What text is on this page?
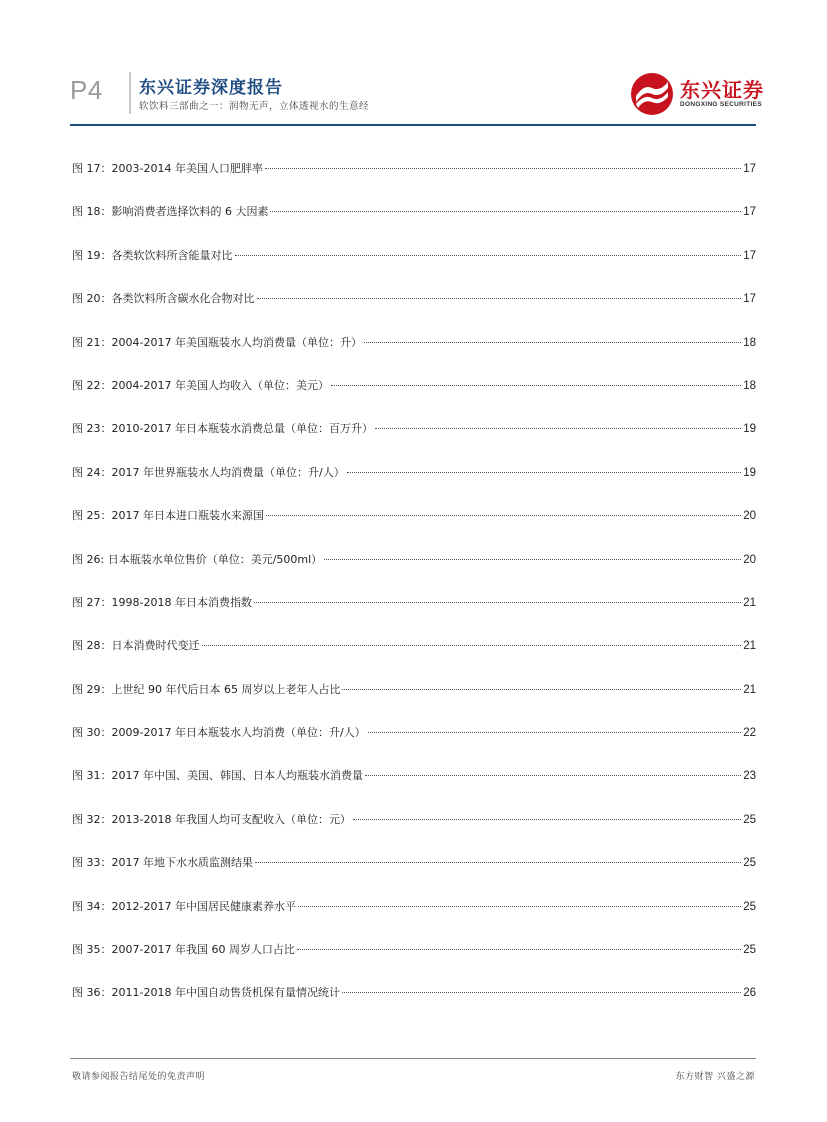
P4 东兴证券深度报告
软饮料三部曲之一：润物无声，立体透视水的生意经
东兴证券
DONGXING SECURITIES
图 17：2003-2014 年美国人口肥胖率	17
图 18：影响消费者选择饮料的 6 大因素	17
图 19：各类软饮料所含能量对比	17
图 20：各类饮料所含碳水化合物对比	17
图 21：2004-2017 年美国瓶装水人均消费量（单位：升）	18
图 22：2004-2017 年美国人均收入（单位：美元）	18
图 23：2010-2017 年日本瓶装水消费总量（单位：百万升）	19
图 24：2017 年世界瓶装水人均消费量（单位：升/人）	19
图 25：2017 年日本进口瓶装水来源国	20
图 26: 日本瓶装水单位售价（单位：美元/500ml）	20
图 27：1998-2018 年日本消费指数	21
图 28：日本消费时代变迁	21
图 29：上世纪 90 年代后日本 65 周岁以上老年人占比	21
图 30：2009-2017 年日本瓶装水人均消费（单位：升/人）	22
图 31：2017 年中国、美国、韩国、日本人均瓶装水消费量	23
图 32：2013-2018 年我国人均可支配收入（单位：元）	25
图 33：2017 年地下水水质监测结果	25
图 34：2012-2017 年中国居民健康素养水平	25
图 35：2007-2017 年我国 60 周岁人口占比	25
图 36：2011-2018 年中国自动售货机保有量情况统计	26
敬请参阅报告结尾处的免责声明	东方财智 兴盛之源
